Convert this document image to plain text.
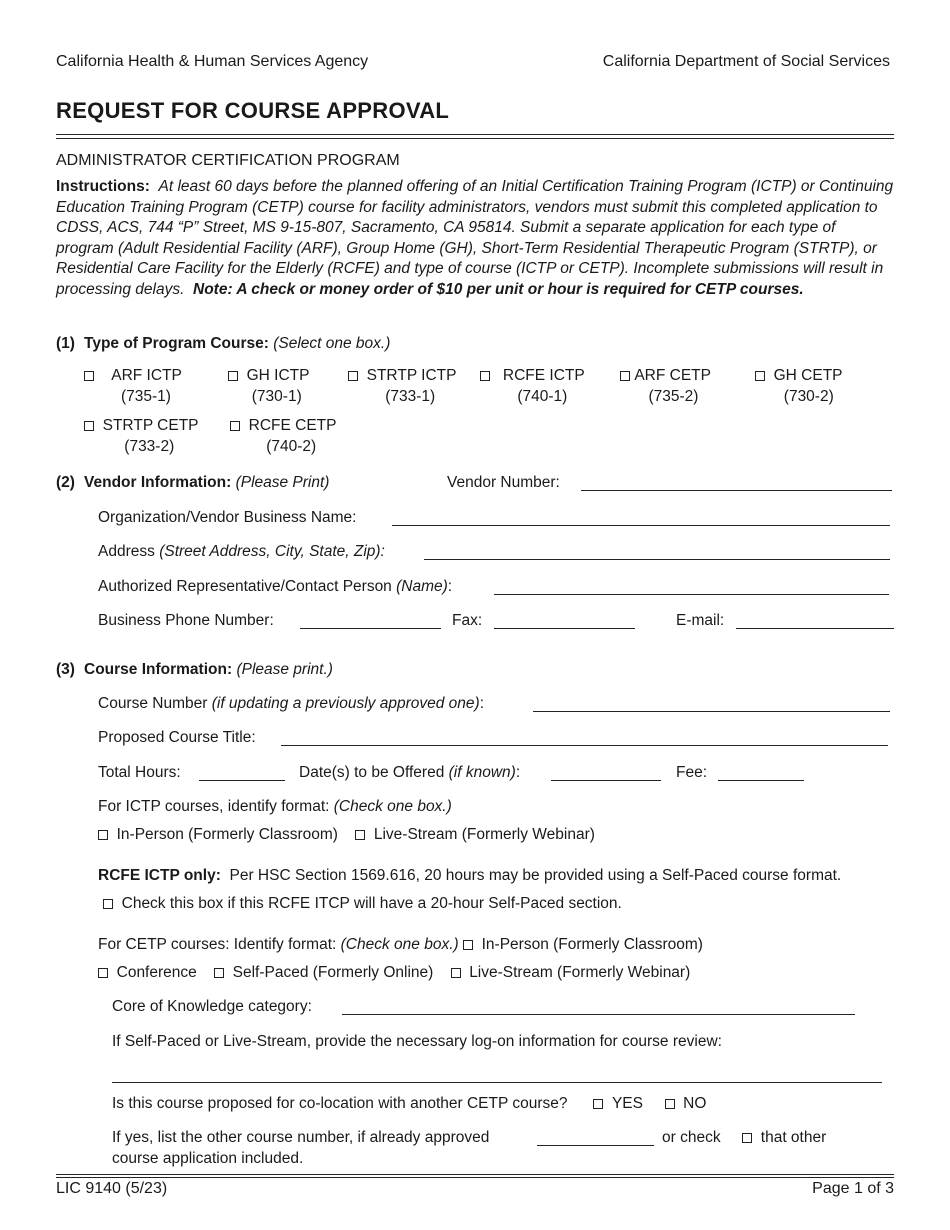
California Health & Human Services Agency	California Department of Social Services
REQUEST FOR COURSE APPROVAL
ADMINISTRATOR CERTIFICATION PROGRAM
Instructions: At least 60 days before the planned offering of an Initial Certification Training Program (ICTP) or Continuing Education Training Program (CETP) course for facility administrators, vendors must submit this completed application to CDSS, ACS, 744 “P” Street, MS 9-15-807, Sacramento, CA 95814. Submit a separate application for each type of program (Adult Residential Facility (ARF), Group Home (GH), Short-Term Residential Therapeutic Program (STRTP), or Residential Care Facility for the Elderly (RCFE) and type of course (ICTP or CETP). Incomplete submissions will result in processing delays. Note: A check or money order of $10 per unit or hour is required for CETP courses.
(1) Type of Program Course: (Select one box.)
ARF ICTP
(735-1)
GH ICTP
(730-1)
STRTP ICTP
(733-1)
RCFE ICTP
(740-1)
ARF CETP
(735-2)
GH CETP
(730-2)
STRTP CETP
(733-2)
RCFE CETP
(740-2)
(2) Vendor Information: (Please Print)	Vendor Number:
Organization/Vendor Business Name:
Address (Street Address, City, State, Zip):
Authorized Representative/Contact Person (Name):
Business Phone Number:	Fax:	E-mail:
(3) Course Information: (Please print.)
Course Number (if updating a previously approved one):
Proposed Course Title:
Total Hours:	Date(s) to be Offered (if known):	Fee:
For ICTP courses, identify format: (Check one box.)
In-Person (Formerly Classroom) Live-Stream (Formerly Webinar)
RCFE ICTP only: Per HSC Section 1569.616, 20 hours may be provided using a Self-Paced course format.
Check this box if this RCFE ITCP will have a 20-hour Self-Paced section.
For CETP courses: Identify format: (Check one box.) In-Person (Formerly Classroom)
Conference Self-Paced (Formerly Online) Live-Stream (Formerly Webinar)
Core of Knowledge category:
If Self-Paced or Live-Stream, provide the necessary log-on information for course review:
Is this course proposed for co-location with another CETP course?	YES	NO
If yes, list the other course number, if already approved	or check	that other
course application included.
LIC 9140 (5/23)	Page 1 of 3
